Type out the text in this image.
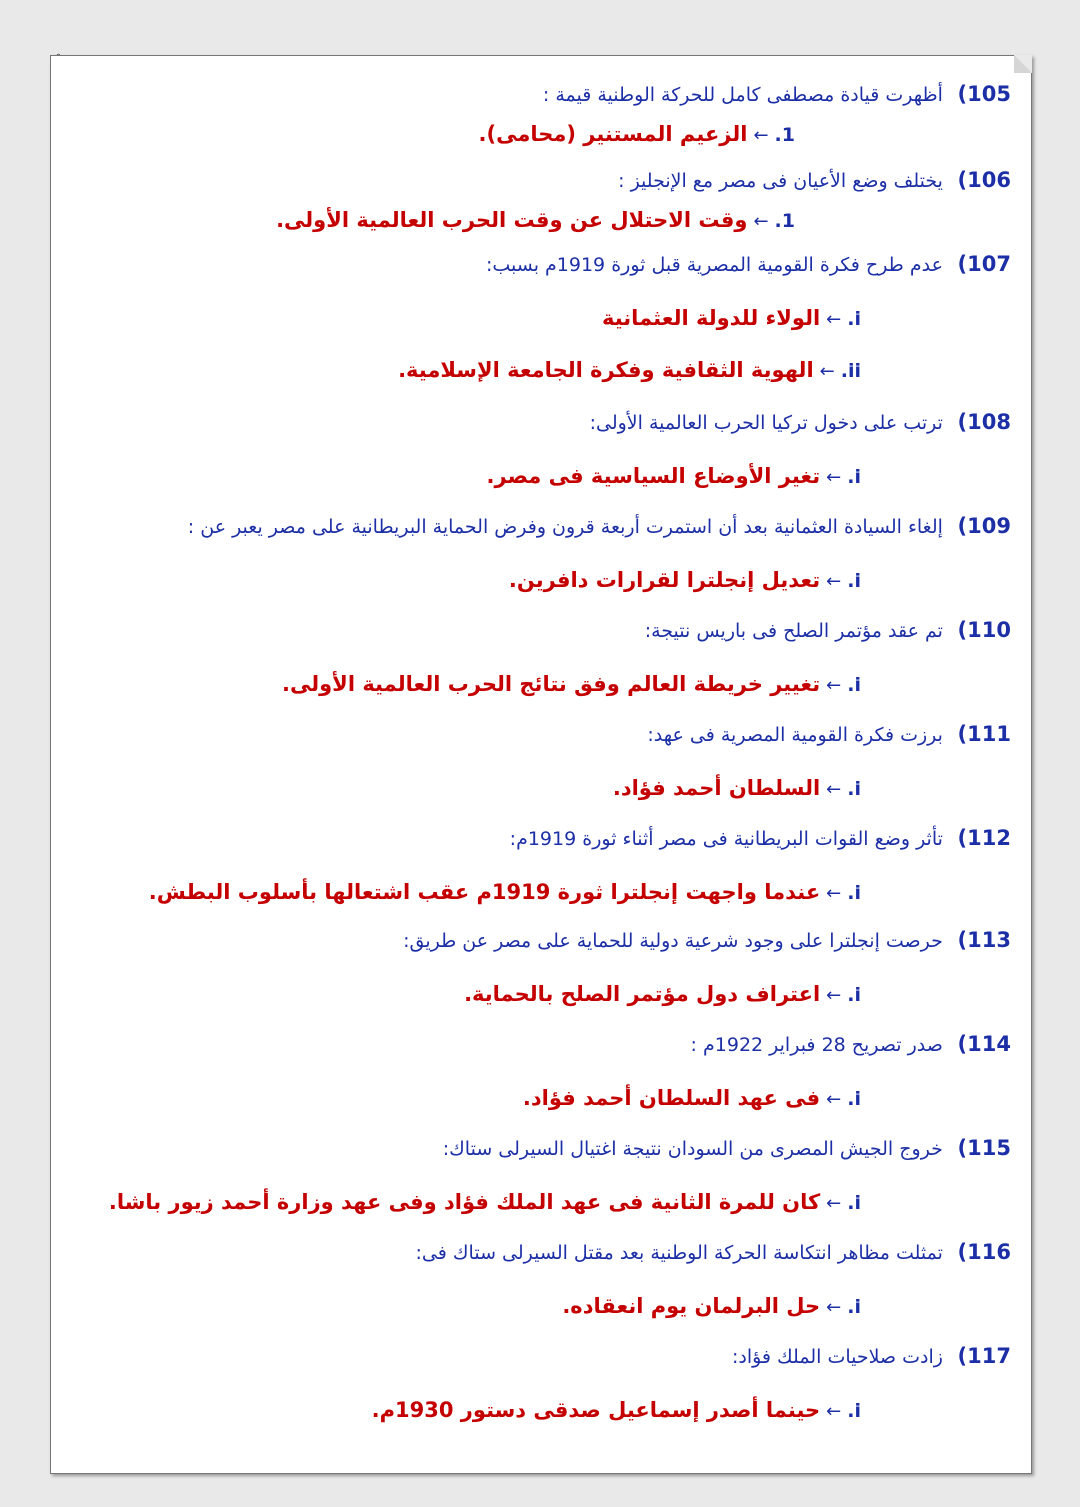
105)  أظهرت قيادة مصطفى كامل للحركة الوطنية قيمة :
1.←الزعيم المستنير (محامى).
106)  يختلف وضع الأعيان فى مصر مع الإنجليز :
1.←وقت الاحتلال عن وقت الحرب العالمية الأولى.
107)  عدم طرح فكرة القومية المصرية قبل ثورة 1919م بسبب:
i.←الولاء للدولة العثمانية
ii.←الهوية الثقافية وفكرة الجامعة الإسلامية.
108)  ترتب على دخول تركيا الحرب العالمية الأولى:
i.←تغير الأوضاع السياسية فى مصر.
109)  إلغاء السيادة العثمانية بعد أن استمرت أربعة قرون وفرض الحماية البريطانية على مصر يعبر عن :
i.←تعديل إنجلترا لقرارات دافرين.
110)  تم عقد مؤتمر الصلح فى باريس نتيجة:
i.←تغيير خريطة العالم وفق نتائج الحرب العالمية الأولى.
111)  برزت فكرة القومية المصرية فى عهد:
i.←السلطان أحمد فؤاد.
112)  تأثر وضع القوات البريطانية فى مصر أثناء ثورة 1919م:
i.←عندما واجهت إنجلترا ثورة 1919م عقب اشتعالها بأسلوب البطش.
113)  حرصت إنجلترا على وجود شرعية دولية للحماية على مصر عن طريق:
i.←اعتراف دول مؤتمر الصلح بالحماية.
114)  صدر تصريح 28 فبراير 1922م :
i.←فى عهد السلطان أحمد فؤاد.
115)  خروج الجيش المصرى من السودان نتيجة اغتيال السيرلى ستاك:
i.←كان للمرة الثانية فى عهد الملك فؤاد وفى عهد وزارة أحمد زيور باشا.
116)  تمثلت مظاهر انتكاسة الحركة الوطنية بعد مقتل السيرلى ستاك فى:
i.←حل البرلمان يوم انعقاده.
117)  زادت صلاحيات الملك فؤاد:
i.←حينما أصدر إسماعيل صدقى دستور 1930م.
